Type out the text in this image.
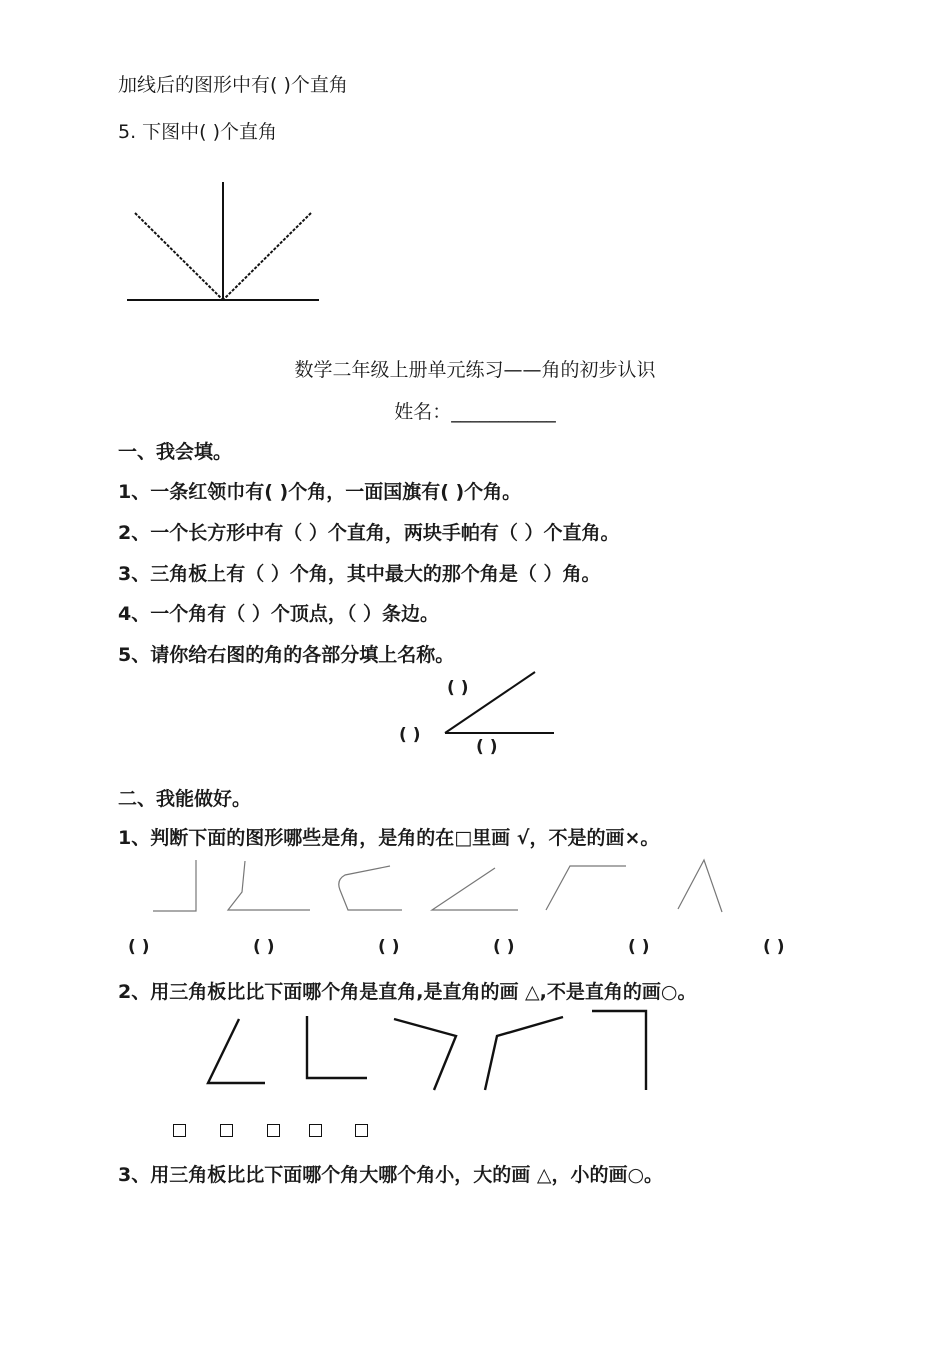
加线后的图形中有( )个直角
5. 下图中( )个直角
数学二年级上册单元练习——角的初步认识
姓名：___________
一、我会填。
1、一条红领巾有( )个角，一面国旗有( )个角。
2、一个长方形中有（ ）个直角，两块手帕有（ ）个直角。
3、三角板上有（ ）个角，其中最大的那个角是（ ）角。
4、一个角有（ ）个顶点，（ ）条边。
5、请你给右图的角的各部分填上名称。
( )
( )
( )
二、我能做好。
1、判断下面的图形哪些是角，是角的在□里画 √，不是的画×。
( )	( )	( )	( )	( )	( )
2、用三角板比比下面哪个角是直角,是直角的画 △,不是直角的画○。
3、用三角板比比下面哪个角大哪个角小，大的画 △，小的画○。
